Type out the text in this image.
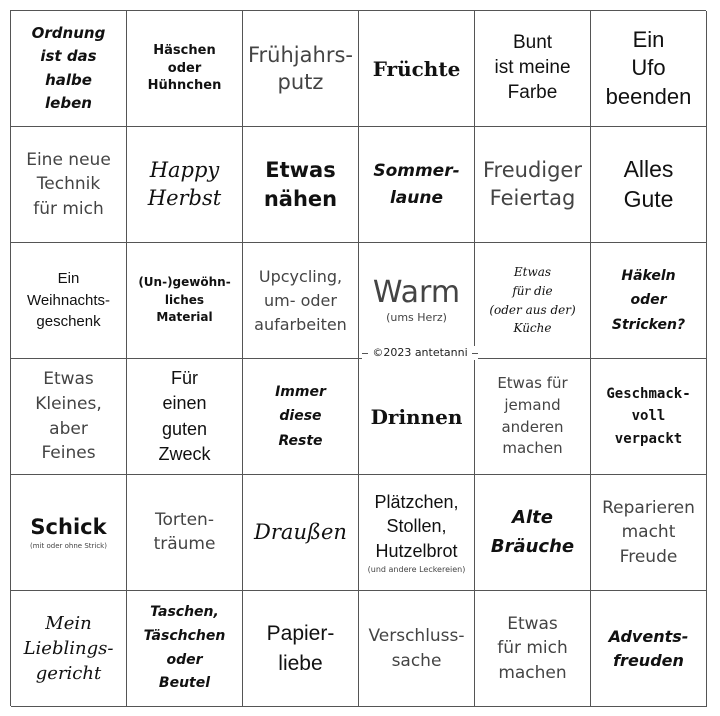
Ordnung
ist das
halbe
leben
Häschen
oder
Hühnchen
Frühjahrs-
putz
Früchte
Bunt
ist meine
Farbe
Ein
Ufo
beenden
Eine neue
Technik
für mich
Happy
Herbst
Etwas
nähen
Sommer-
laune
Freudiger
Feiertag
Alles
Gute
Ein
Weihnachts-
geschenk
(Un-)gewöhn-
liches
Material
Upcycling,
um- oder
aufarbeiten
Warm
(ums Herz)
Etwas
für die
(oder aus der)
Küche
Häkeln
oder
Stricken?
Etwas
Kleines,
aber
Feines
Für
einen
guten
Zweck
Immer
diese
Reste
Drinnen
Etwas für
jemand
anderen
machen
Geschmack-
voll
verpackt
Schick
(mit oder ohne Strick)
Torten-
träume Draußen
Plätzchen,
Stollen,
Hutzelbrot
(und andere Leckereien)
Alte
Bräuche
Reparieren
macht
Freude
Mein
Lieblings-
gericht
Taschen,
Täschchen
oder
Beutel
Papier-
liebe
Verschluss-
sache
Etwas
für mich
machen
Advents-
freuden
©2023 antetanni
